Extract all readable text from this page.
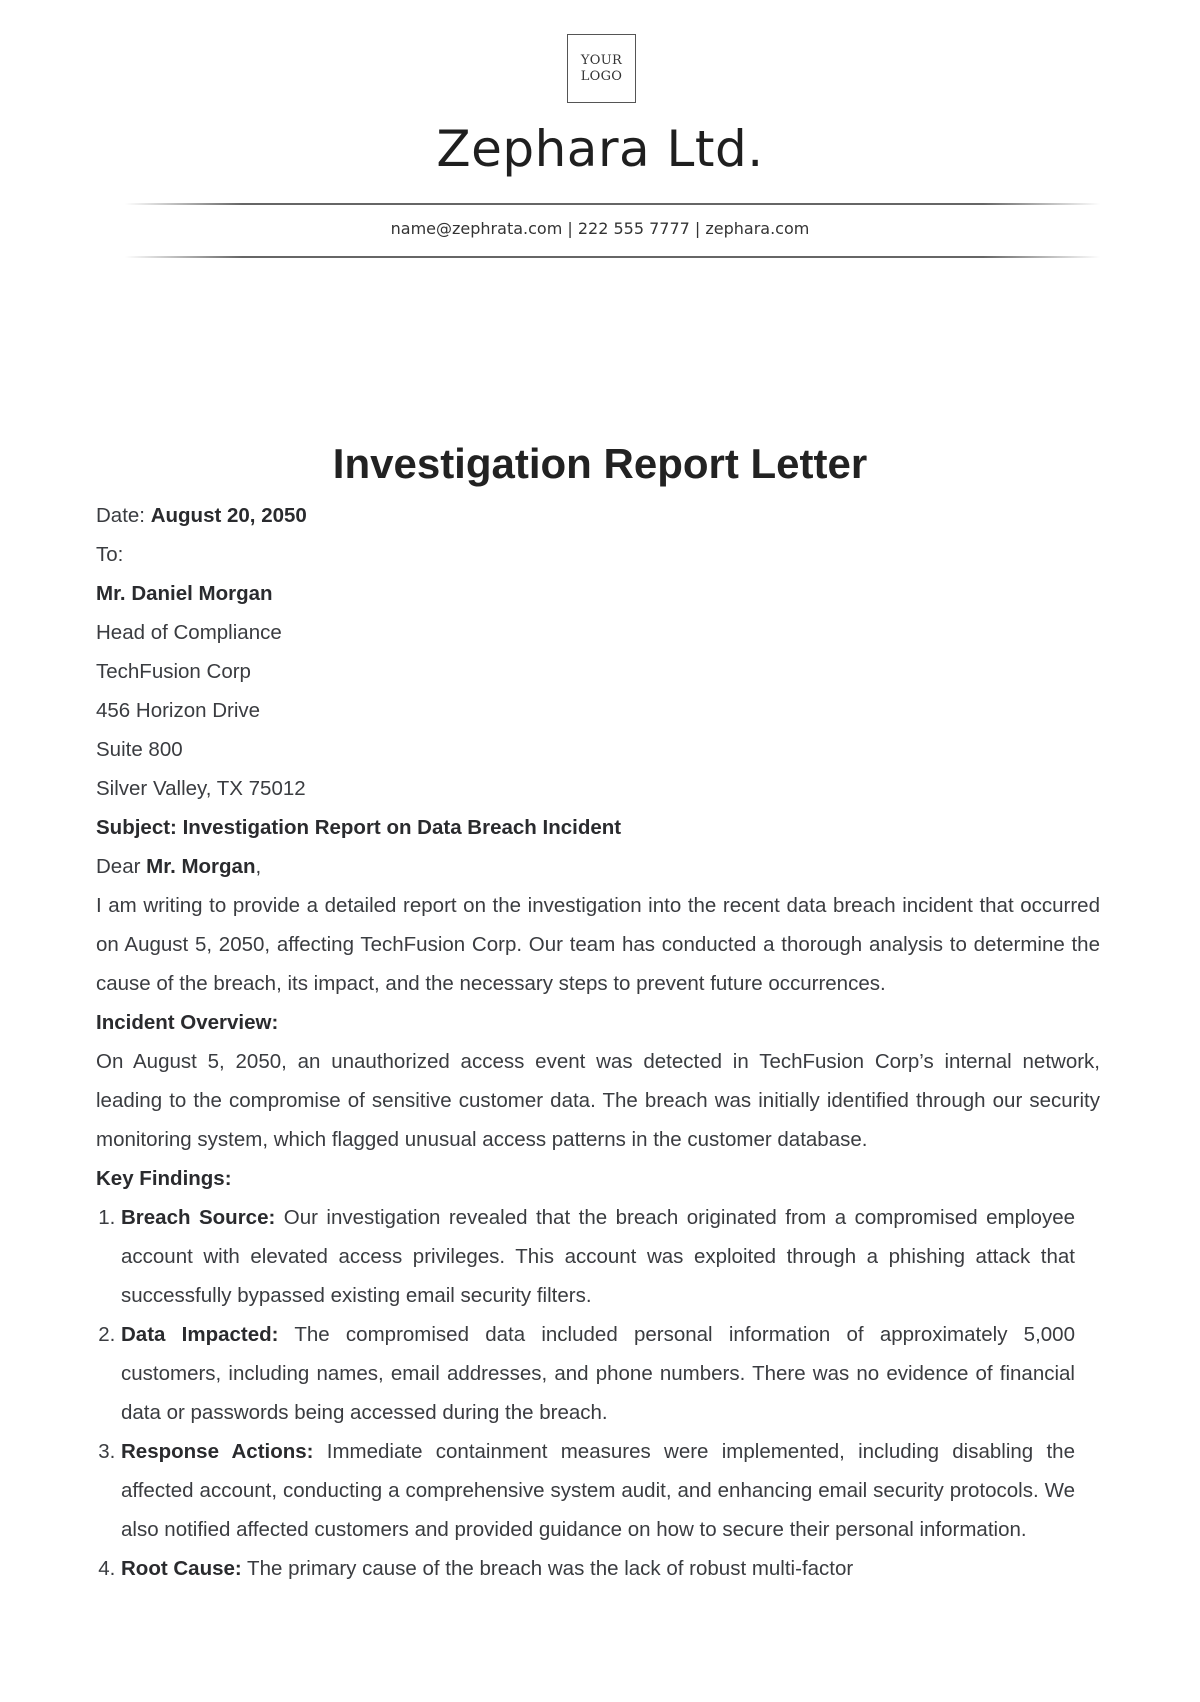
YOUR
LOGO
Zephara Ltd.
name@zephrata.com | 222 555 7777 | zephara.com
Investigation Report Letter

Date: August 20, 2050

To:

Mr. Daniel Morgan

Head of Compliance

TechFusion Corp

456 Horizon Drive

Suite 800

Silver Valley, TX 75012

Subject: Investigation Report on Data Breach Incident

Dear Mr. Morgan,

I am writing to provide a detailed report on the investigation into the recent data breach incident that occurred on August 5, 2050, affecting TechFusion Corp. Our team has conducted a thorough analysis to determine the cause of the breach, its impact, and the necessary steps to prevent future occurrences.

Incident Overview:

On August 5, 2050, an unauthorized access event was detected in TechFusion Corp’s internal network, leading to the compromise of sensitive customer data. The breach was initially identified through our security monitoring system, which flagged unusual access patterns in the customer database.

Key Findings:

1. Breach Source: Our investigation revealed that the breach originated from a compromised employee account with elevated access privileges. This account was exploited through a phishing attack that successfully bypassed existing email security filters.
2. Data Impacted: The compromised data included personal information of approximately 5,000 customers, including names, email addresses, and phone numbers. There was no evidence of financial data or passwords being accessed during the breach.
3. Response Actions: Immediate containment measures were implemented, including disabling the affected account, conducting a comprehensive system audit, and enhancing email security protocols. We also notified affected customers and provided guidance on how to secure their personal information.
4. Root Cause: The primary cause of the breach was the lack of robust multi-factor
